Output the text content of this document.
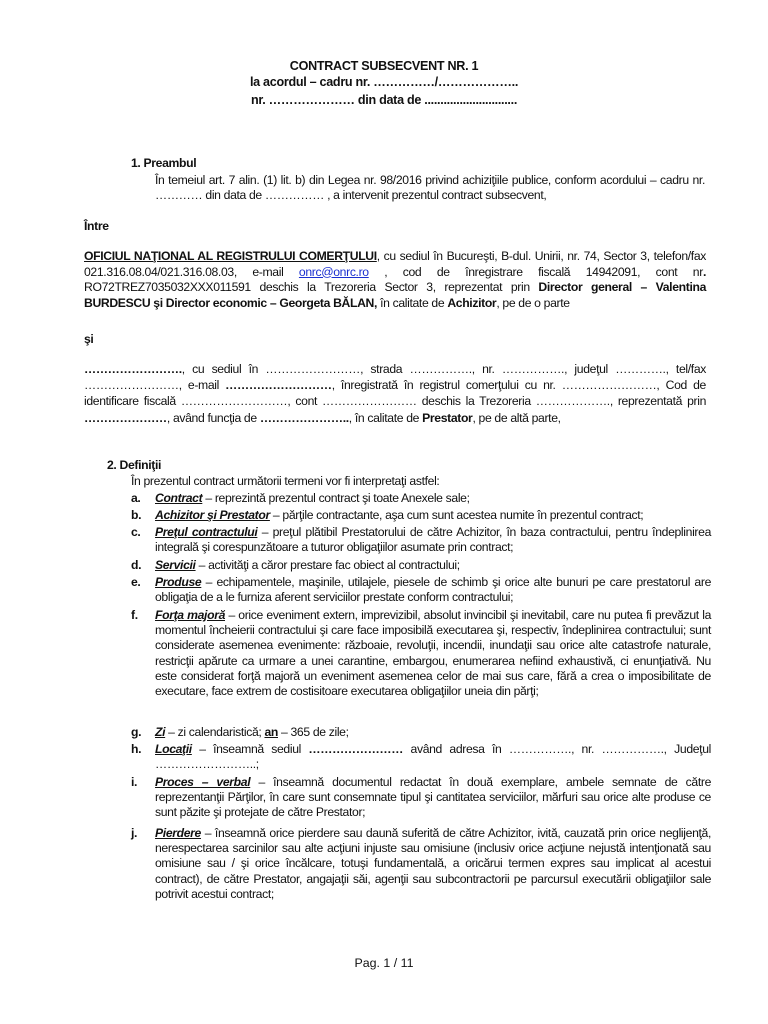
CONTRACT SUBSECVENT NR. 1
la acordul – cadru nr. ……………/………………..
nr. ………………… din data de .............................
1. Preambul
În temeiul art. 7 alin. (1) lit. b) din Legea nr. 98/2016 privind achiziţiile publice, conform acordului – cadru nr. ………… din data de …………… , a intervenit prezentul contract subsecvent,
Între
OFICIUL NAŢIONAL AL REGISTRULUI COMERŢULUI, cu sediul în Bucureşti, B-dul. Unirii, nr. 74, Sector 3, telefon/fax 021.316.08.04/021.316.08.03, e-mail onrc@onrc.ro , cod de înregistrare fiscală 14942091, cont nr. RO72TREZ7035032XXX011591 deschis la Trezoreria Sector 3, reprezentat prin Director general – Valentina BURDESCU şi Director economic – Georgeta BĂLAN, în calitate de Achizitor, pe de o parte
şi
……………………., cu sediul în ……………………, strada ……………., nr. ……………., judeţul …………., tel/fax ……………………, e-mail ………………………, înregistrată în registrul comerţului cu nr. ……………………, Cod de identificare fiscală ………………………, cont …………………… deschis la Trezoreria ………………., reprezentată prin …………………, având funcţia de ………………….., în calitate de Prestator, pe de altă parte,
2. Definiţii
În prezentul contract următorii termeni vor fi interpretaţi astfel:
a.	Contract – reprezintă prezentul contract şi toate Anexele sale;
b.	Achizitor şi Prestator – părţile contractante, aşa cum sunt acestea numite în prezentul contract;
c.	Preţul contractului – preţul plătibil Prestatorului de către Achizitor, în baza contractului, pentru îndeplinirea integrală şi corespunzătoare a tuturor obligaţiilor asumate prin contract;
d.	Servicii – activităţi a căror prestare fac obiect al contractului;
e.	Produse – echipamentele, maşinile, utilajele, piesele de schimb şi orice alte bunuri pe care prestatorul are obligaţia de a le furniza aferent serviciilor prestate conform contractului;
f.	Forţa majoră – orice eveniment extern, imprevizibil, absolut invincibil şi inevitabil, care nu putea fi prevăzut la momentul încheierii contractului şi care face imposibilă executarea şi, respectiv, îndeplinirea contractului; sunt considerate asemenea evenimente: războaie, revoluţii, incendii, inundaţii sau orice alte catastrofe naturale, restricţii apărute ca urmare a unei carantine, embargou, enumerarea nefiind exhaustivă, ci enunţiativă. Nu este considerat forţă majoră un eveniment asemenea celor de mai sus care, fără a crea o imposibilitate de executare, face extrem de costisitoare executarea obligaţiilor uneia din părţi;
g.	Zi – zi calendaristică; an – 365 de zile;
h.	Locaţii – înseamnă sediul …………………… având adresa în ……………., nr. ……………., Judeţul ……………………..;
i.	Proces – verbal – înseamnă documentul redactat în două exemplare, ambele semnate de către reprezentanţii Părţilor, în care sunt consemnate tipul şi cantitatea serviciilor, mărfuri sau orice alte produse ce sunt păzite şi protejate de către Prestator;
j.	Pierdere – înseamnă orice pierdere sau daună suferită de către Achizitor, ivită, cauzată prin orice neglijenţă, nerespectarea sarcinilor sau alte acţiuni injuste sau omisiune (inclusiv orice acţiune nejustă intenţionată sau omisiune sau / şi orice încălcare, totuşi fundamentală, a oricărui termen expres sau implicat al acestui contract), de către Prestator, angajaţii săi, agenţii sau subcontractorii pe parcursul executării obligaţiilor sale potrivit acestui contract;
Pag. 1 / 11
